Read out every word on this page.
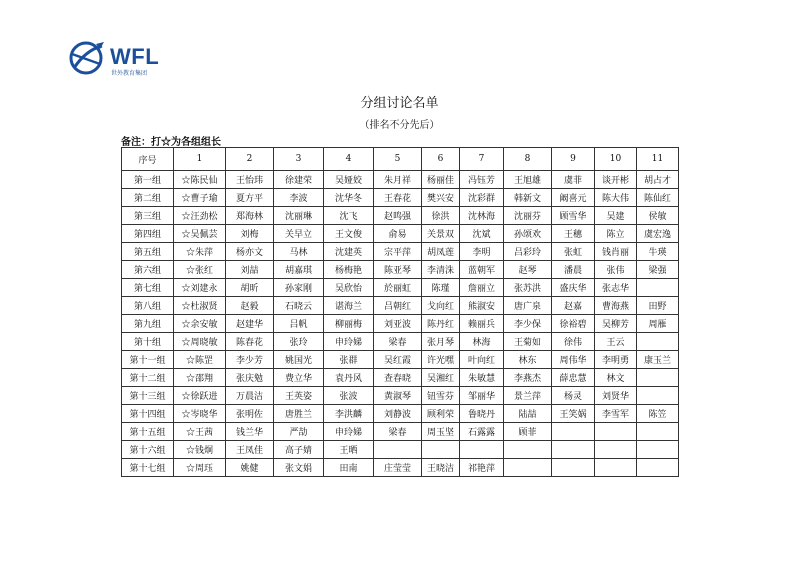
WFL
世外教育集团
分组讨论名单
（排名不分先后）
备注：打☆为各组组长
序号	1	2	3	4	5	6	7	8	9	10	11
第一组	☆陈民仙	王怡玮	徐建荣	吴娅姣	朱月祥	杨丽佳	冯钰芳	王旭雄	虞菲	谈开彬	胡占才
第二组	☆曹子瑜	夏方平	李波	沈华冬	王春花	樊兴安	沈彩群	韩新文	阚喜元	陈大伟	陈仙红
第三组	☆汪劲松	郑海林	沈丽琳	沈飞	赵鸣强	徐洪	沈林海	沈丽芬	顾雪华	吴建	侯敏
第四组	☆吴佩芸	刘梅	关早立	王文俊	俞易	关景双	沈斌	孙颂欢	王穗	陈立	虞宏逸
第五组	☆朱萍	杨亦文	马林	沈建英	宗平萍	胡凤莲	李明	吕彩玲	张虹	钱肖丽	牛瑛
第六组	☆张红	刘喆	胡嘉琪	杨梅艳	陈亚琴	李清洙	蓝朝军	赵琴	潘晨	张伟	梁强
第七组	☆刘建永	胡昕	孙家刚	吴欣怡	於丽虹	陈瑾	詹丽立	张苏洪	盛庆华	张志华	
第八组	☆杜淑贤	赵毅	石晓云	谌海兰	吕朝红	戈向红	熊淑安	唐广泉	赵嘉	曹海燕	田野
第九组	☆余安敏	赵建华	吕帆	柳丽梅	刘亚波	陈丹红	赖丽兵	李少保	徐裕碧	吴柳芳	周雁
第十组	☆周晓敏	陈春花	张玲	申玲娣	梁春	张月琴	林海	王菊如	徐伟	王云	
第十一组	☆陈罡	李少芳	姚国光	张群	吴红霞	许光嘿	叶向红	林东	周伟华	李明勇	康玉兰
第十二组	☆邵翔	张庆勉	费立华	袁丹风	查春晓	吴湘红	朱敏慧	李燕杰	薛忠慧	林文	
第十三组	☆徐跃进	万晨洁	王英姿	张波	黄淑琴	钮雪芬	邹丽华	景兰萍	杨灵	刘贤华	
第十四组	☆岑晓华	张明佐	唐胜兰	李洪麟	刘静波	顾利荣	鲁晓丹	陆喆	王笑娲	李雪军	陈笠
第十五组	☆王茜	钱兰华	严劼	申玲娣	梁春	周玉坚	石露露	顾菲			
第十六组	☆钱炯	王凤佳	高子婧	王晒							
第十七组	☆周珏	姚健	张文娟	田南	庄莹莹	王晓洁	祁艳萍				
